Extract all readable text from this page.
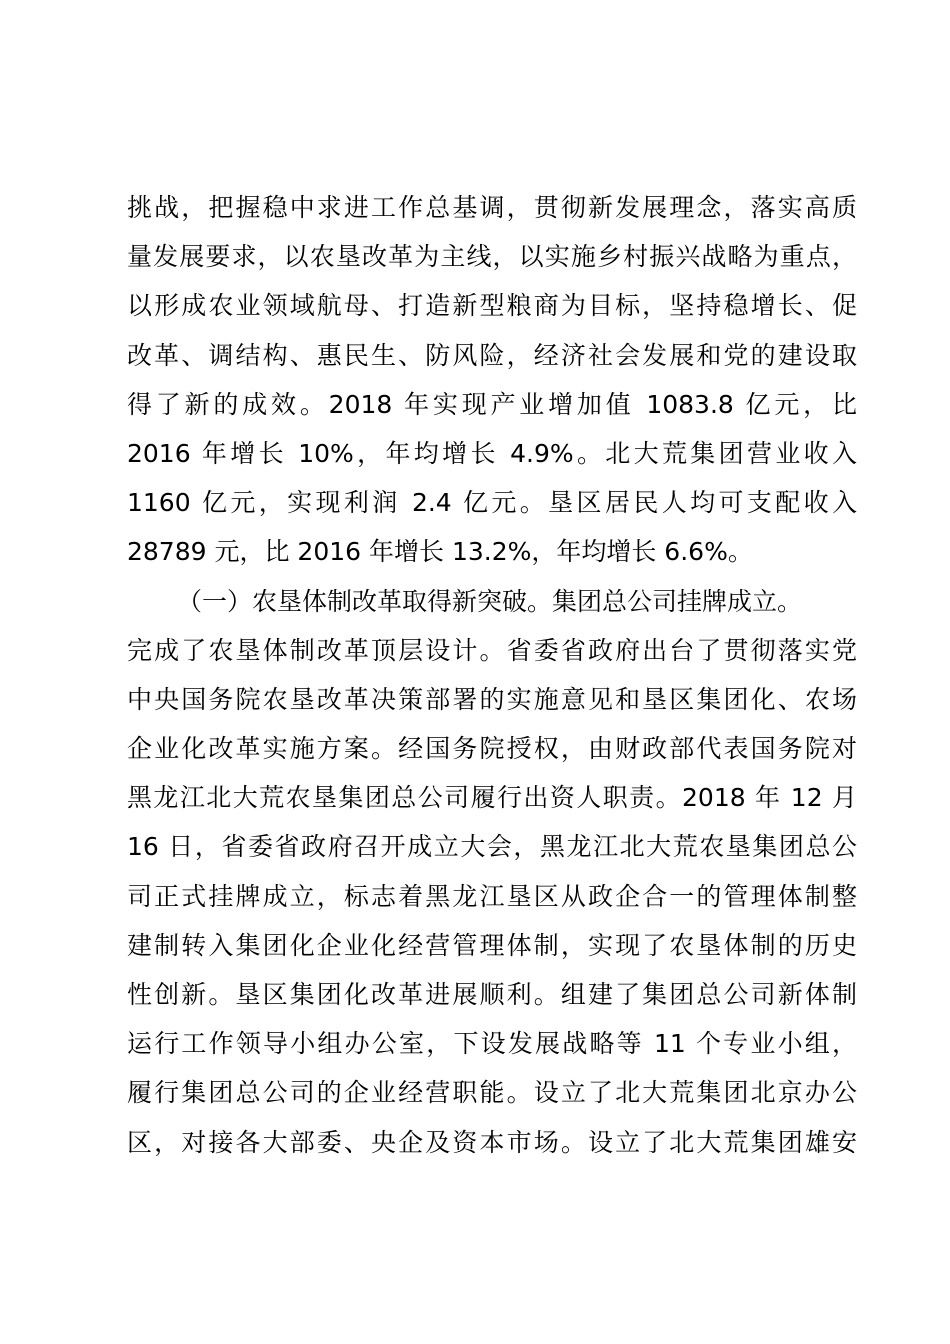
挑战，把握稳中求进工作总基调，贯彻新发展理念，落实高质
量发展要求，以农垦改革为主线，以实施乡村振兴战略为重点，
以形成农业领域航母、打造新型粮商为目标，坚持稳增长、促
改革、调结构、惠民生、防风险，经济社会发展和党的建设取
得了新的成效。2018 年实现产业增加值 1083.8 亿元，比
2016 年增长 10%，年均增长 4.9%。北大荒集团营业收入
1160 亿元，实现利润 2.4 亿元。垦区居民人均可支配收入
28789 元，比 2016 年增长 13.2%，年均增长 6.6%。
（一）农垦体制改革取得新突破。集团总公司挂牌成立。
完成了农垦体制改革顶层设计。省委省政府出台了贯彻落实党
中央国务院农垦改革决策部署的实施意见和垦区集团化、农场
企业化改革实施方案。经国务院授权，由财政部代表国务院对
黑龙江北大荒农垦集团总公司履行出资人职责。2018 年 12 月
16 日，省委省政府召开成立大会，黑龙江北大荒农垦集团总公
司正式挂牌成立，标志着黑龙江垦区从政企合一的管理体制整
建制转入集团化企业化经营管理体制，实现了农垦体制的历史
性创新。垦区集团化改革进展顺利。组建了集团总公司新体制
运行工作领导小组办公室，下设发展战略等 11 个专业小组，
履行集团总公司的企业经营职能。设立了北大荒集团北京办公
区，对接各大部委、央企及资本市场。设立了北大荒集团雄安
